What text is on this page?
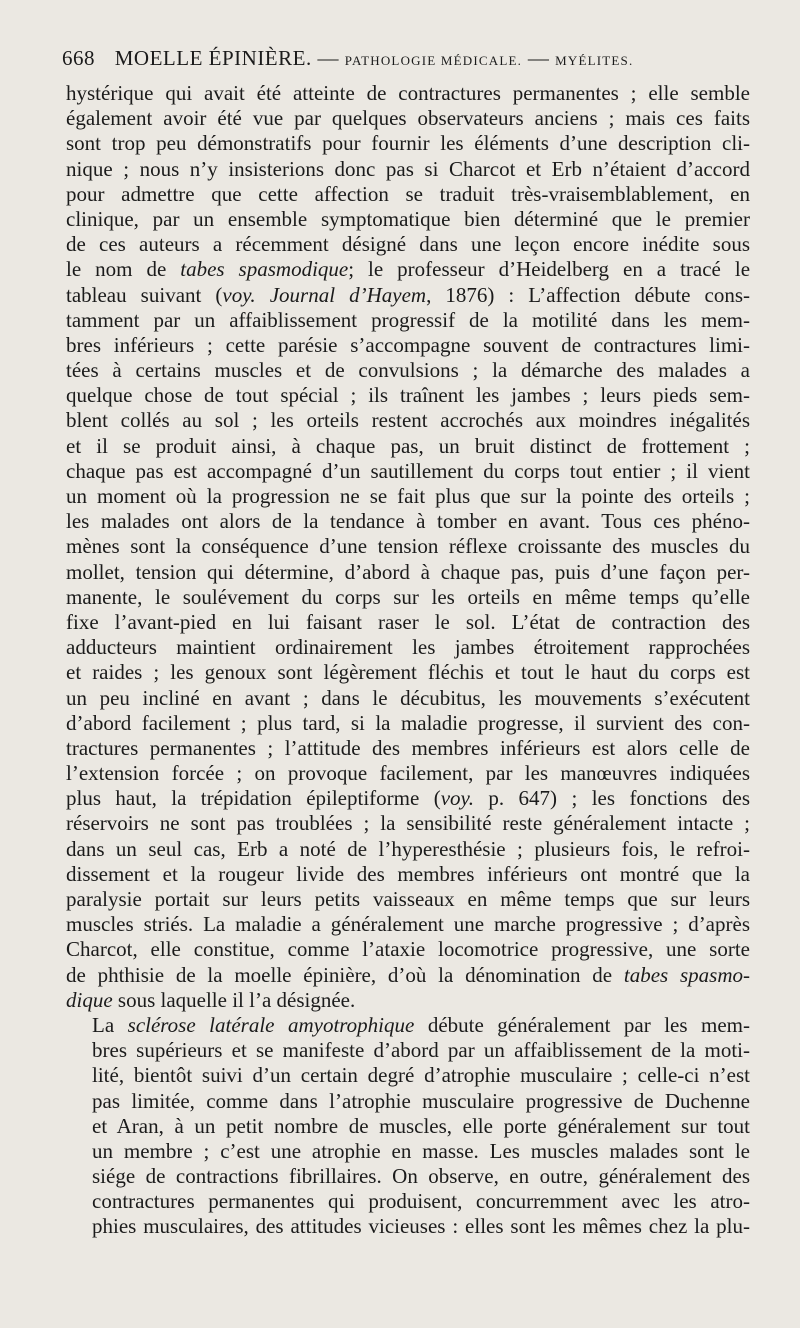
668 MOELLE ÉPINIÈRE. — PATHOLOGIE MÉDICALE. — MYÉLITES.

hystérique qui avait été atteinte de contractures permanentes ; elle semble
également avoir été vue par quelques observateurs anciens ; mais ces faits
sont trop peu démonstratifs pour fournir les éléments d’une description cli-
nique ; nous n’y insisterions donc pas si Charcot et Erb n’étaient d’accord
pour admettre que cette affection se traduit très-vraisemblablement, en
clinique, par un ensemble symptomatique bien déterminé que le premier
de ces auteurs a récemment désigné dans une leçon encore inédite sous
le nom de tabes spasmodique; le professeur d’Heidelberg en a tracé le
tableau suivant (voy. Journal d’Hayem, 1876) : L’affection débute cons-
tamment par un affaiblissement progressif de la motilité dans les mem-
bres inférieurs ; cette parésie s’accompagne souvent de contractures limi-
tées à certains muscles et de convulsions ; la démarche des malades a
quelque chose de tout spécial ; ils traînent les jambes ; leurs pieds sem-
blent collés au sol ; les orteils restent accrochés aux moindres inégalités
et il se produit ainsi, à chaque pas, un bruit distinct de frottement ;
chaque pas est accompagné d’un sautillement du corps tout entier ; il vient
un moment où la progression ne se fait plus que sur la pointe des orteils ;
les malades ont alors de la tendance à tomber en avant. Tous ces phéno-
mènes sont la conséquence d’une tension réflexe croissante des muscles du
mollet, tension qui détermine, d’abord à chaque pas, puis d’une façon per-
manente, le soulévement du corps sur les orteils en même temps qu’elle
fixe l’avant-pied en lui faisant raser le sol. L’état de contraction des
adducteurs maintient ordinairement les jambes étroitement rapprochées
et raides ; les genoux sont légèrement fléchis et tout le haut du corps est
un peu incliné en avant ; dans le décubitus, les mouvements s’exécutent
d’abord facilement ; plus tard, si la maladie progresse, il survient des con-
tractures permanentes ; l’attitude des membres inférieurs est alors celle de
l’extension forcée ; on provoque facilement, par les manœuvres indiquées
plus haut, la trépidation épileptiforme (voy. p. 647) ; les fonctions des
réservoirs ne sont pas troublées ; la sensibilité reste généralement intacte ;
dans un seul cas, Erb a noté de l’hyperesthésie ; plusieurs fois, le refroi-
dissement et la rougeur livide des membres inférieurs ont montré que la
paralysie portait sur leurs petits vaisseaux en même temps que sur leurs
muscles striés. La maladie a généralement une marche progressive ; d’après
Charcot, elle constitue, comme l’ataxie locomotrice progressive, une sorte
de phthisie de la moelle épinière, d’où la dénomination de tabes spasmo-
dique sous laquelle il l’a désignée.

La sclérose latérale amyotrophique débute généralement par les mem-
bres supérieurs et se manifeste d’abord par un affaiblissement de la moti-
lité, bientôt suivi d’un certain degré d’atrophie musculaire ; celle-ci n’est
pas limitée, comme dans l’atrophie musculaire progressive de Duchenne
et Aran, à un petit nombre de muscles, elle porte généralement sur tout
un membre ; c’est une atrophie en masse. Les muscles malades sont le
siége de contractions fibrillaires. On observe, en outre, généralement des
contractures permanentes qui produisent, concurremment avec les atro-
phies musculaires, des attitudes vicieuses : elles sont les mêmes chez la plu-
